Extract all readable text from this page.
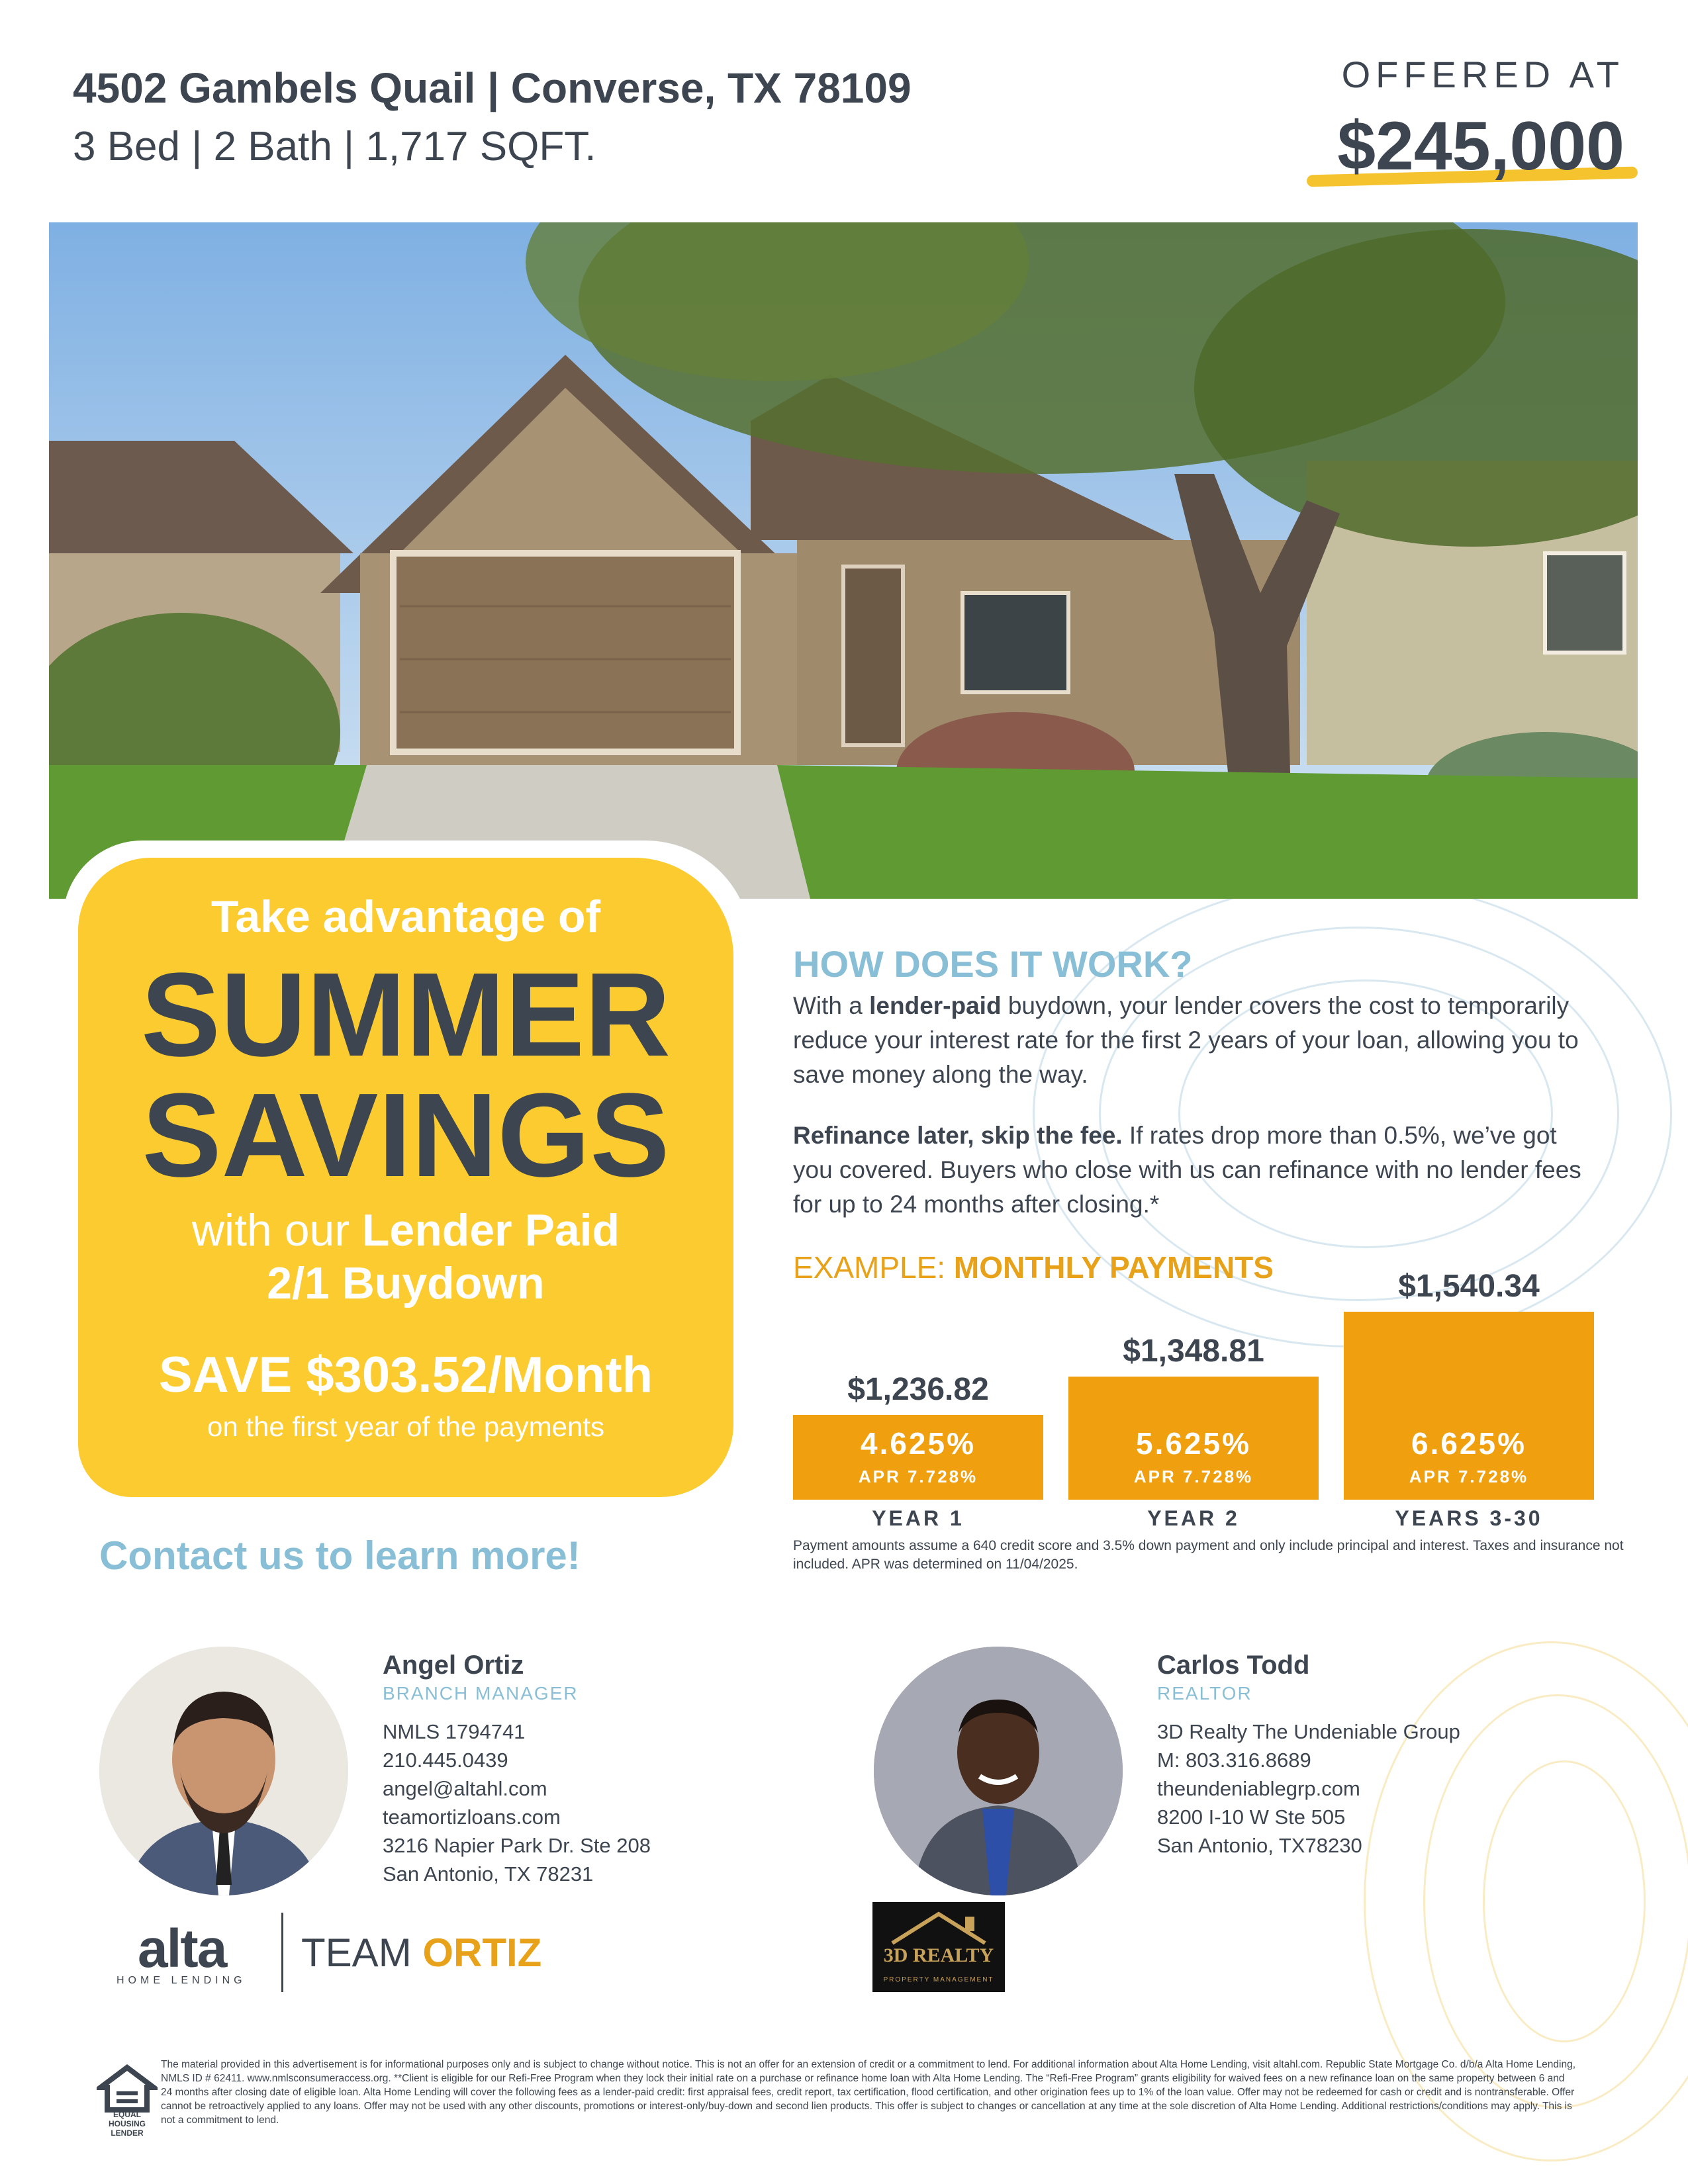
4502 Gambels Quail | Converse, TX 78109
3 Bed | 2 Bath | 1,717 SQFT.
OFFERED AT
$245,000
Take advantage of
SUMMER
SAVINGS
with our Lender Paid
2/1 Buydown
SAVE $303.52/Month
on the first year of the payments
HOW DOES IT WORK?
With a lender-paid buydown, your lender covers the cost to temporarily reduce your interest rate for the first 2 years of your loan, allowing you to save money along the way.
Refinance later, skip the fee. If rates drop more than 0.5%, we’ve got you covered. Buyers who close with us can refinance with no lender fees for up to 24 months after closing.*
EXAMPLE: MONTHLY PAYMENTS
$1,236.82
4.625%
APR 7.728%
YEAR 1
$1,348.81
5.625%
APR 7.728%
YEAR 2
$1,540.34
6.625%
APR 7.728%
YEARS 3-30
Payment amounts assume a 640 credit score and 3.5% down payment and only include principal and interest. Taxes and insurance not included. APR was determined on 11/04/2025.
Contact us to learn more!
Angel Ortiz
BRANCH MANAGER
NMLS 1794741
210.445.0439
angel@altahl.com
teamortizloans.com
3216 Napier Park Dr. Ste 208
San Antonio, TX 78231
Carlos Todd
REALTOR
3D Realty The Undeniable Group
M: 803.316.8689
theundeniablegrp.com
8200 I-10 W Ste 505
San Antonio, TX78230
alta
HOME LENDING
TEAM ORTIZ	3D REALTY
PROPERTY MANAGEMENT
EQUAL HOUSING LENDER
The material provided in this advertisement is for informational purposes only and is subject to change without notice. This is not an offer for an extension of credit or a commitment to lend. For additional information about Alta Home Lending, visit altahl.com. Republic State Mortgage Co. d/b/a Alta Home Lending, NMLS ID # 62411. www.nmlsconsumeraccess.org. **Client is eligible for our Refi-Free Program when they lock their initial rate on a purchase or refinance home loan with Alta Home Lending. The “Refi-Free Program” grants eligibility for waived fees on a new refinance loan on the same property between 6 and 24 months after closing date of eligible loan. Alta Home Lending will cover the following fees as a lender-paid credit: first appraisal fees, credit report, tax certification, flood certification, and other origination fees up to 1% of the loan value. Offer may not be redeemed for cash or credit and is nontransferable. Offer cannot be retroactively applied to any loans. Offer may not be used with any other discounts, promotions or interest-only/buy-down and second lien products. This offer is subject to changes or cancellation at any time at the sole discretion of Alta Home Lending. Additional restrictions/conditions may apply. This is not a commitment to lend.
